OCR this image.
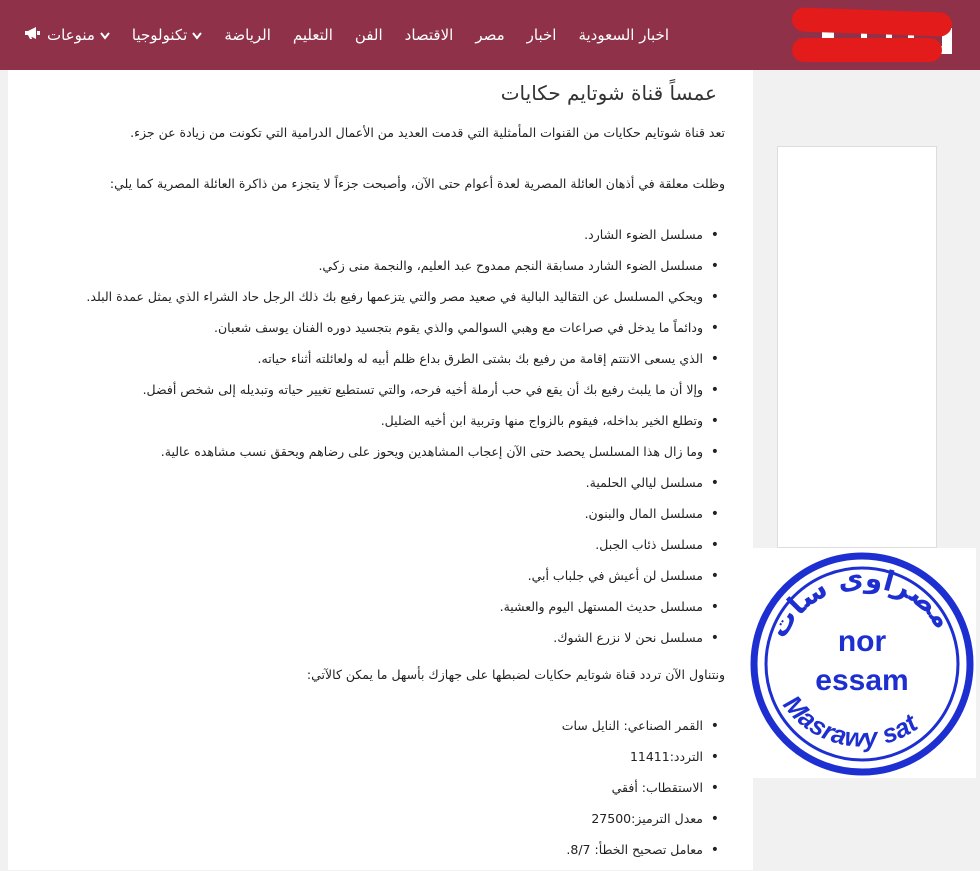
اخبار السعودية
اخبار
مصر
الاقتصاد
الفن
التعليم
الرياضة
تكنولوجيا
منوعات
عمساً قناة شوتايم حكايات

تعد قناة شوتايم حكايات من القنوات المأمثلية التي قدمت العديد من الأعمال الدرامية التي تكونت من زيادة عن جزء.

وظلت معلقة في أذهان العائلة المصرية لعدة أعوام حتى الآن، وأصبحت جزءاً لا يتجزء من ذاكرة العائلة المصرية كما يلي:

• مسلسل الضوء الشارد.
• مسلسل الضوء الشارد مسابقة النجم ممدوح عبد العليم، والنجمة منى زكي.
• ويحكي المسلسل عن التقاليد البالية في صعيد مصر والتي يتزعمها رفيع بك ذلك الرجل حاد الشراء الذي يمثل عمدة البلد.
• ودائماً ما يدخل في صراعات مع وهبي السوالمي والذي يقوم بتجسيد دوره الفنان يوسف شعبان.
• الذي يسعى الانتتم إقامة من رفيع بك بشتى الطرق بداع ظلم أبيه له ولعائلته أثناء حياته.
• وإلا أن ما يلبث رفيع بك أن يقع في حب أرملة أخيه فرحه، والتي تستطيع تغيير حياته وتبديله إلى شخص أفضل.
• وتطلع الخير بداخله، فيقوم بالزواج منها وتربية ابن أخيه الضليل.
• وما زال هذا المسلسل يحصد حتى الآن إعجاب المشاهدين ويحوز على رضاهم ويحقق نسب مشاهده عالية.
• مسلسل ليالي الحلمية.
• مسلسل المال والبنون.
• مسلسل ذئاب الجبل.
• مسلسل لن أعيش في جلباب أبي.
• مسلسل حديث المستهل اليوم والعشية.
• مسلسل نحن لا نزرع الشوك.

ونتناول الآن تردد قناة شوتايم حكايات لضبطها على جهازك بأسهل ما يمكن كالآتي:

• القمر الصناعي: النايل سات
• التردد:11411
• الاستقطاب: أفقي
• معدل الترميز:27500
• معامل تصحيح الخطأ: 8/7.
مصراوى سات
nor
essam
Masrawy sat
